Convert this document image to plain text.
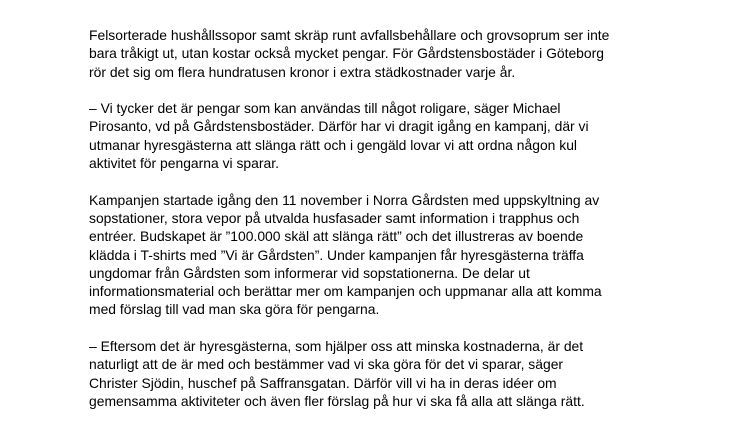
Felsorterade hushållssopor samt skräp runt avfallsbehållare och grovsoprum ser inte
bara tråkigt ut, utan kostar också mycket pengar. För Gårdstensbostäder i Göteborg
rör det sig om flera hundratusen kronor i extra städkostnader varje år.

– Vi tycker det är pengar som kan användas till något roligare, säger Michael
Pirosanto, vd på Gårdstensbostäder. Därför har vi dragit igång en kampanj, där vi
utmanar hyresgästerna att slänga rätt och i gengäld lovar vi att ordna någon kul
aktivitet för pengarna vi sparar.

Kampanjen startade igång den 11 november i Norra Gårdsten med uppskyltning av
sopstationer, stora vepor på utvalda husfasader samt information i trapphus och
entréer. Budskapet är ”100.000 skäl att slänga rätt” och det illustreras av boende
klädda i T-shirts med ”Vi är Gårdsten”. Under kampanjen får hyresgästerna träffa
ungdomar från Gårdsten som informerar vid sopstationerna. De delar ut
informationsmaterial och berättar mer om kampanjen och uppmanar alla att komma
med förslag till vad man ska göra för pengarna.

– Eftersom det är hyresgästerna, som hjälper oss att minska kostnaderna, är det
naturligt att de är med och bestämmer vad vi ska göra för det vi sparar, säger
Christer Sjödin, huschef på Saffransgatan. Därför vill vi ha in deras idéer om
gemensamma aktiviteter och även fler förslag på hur vi ska få alla att slänga rätt.
